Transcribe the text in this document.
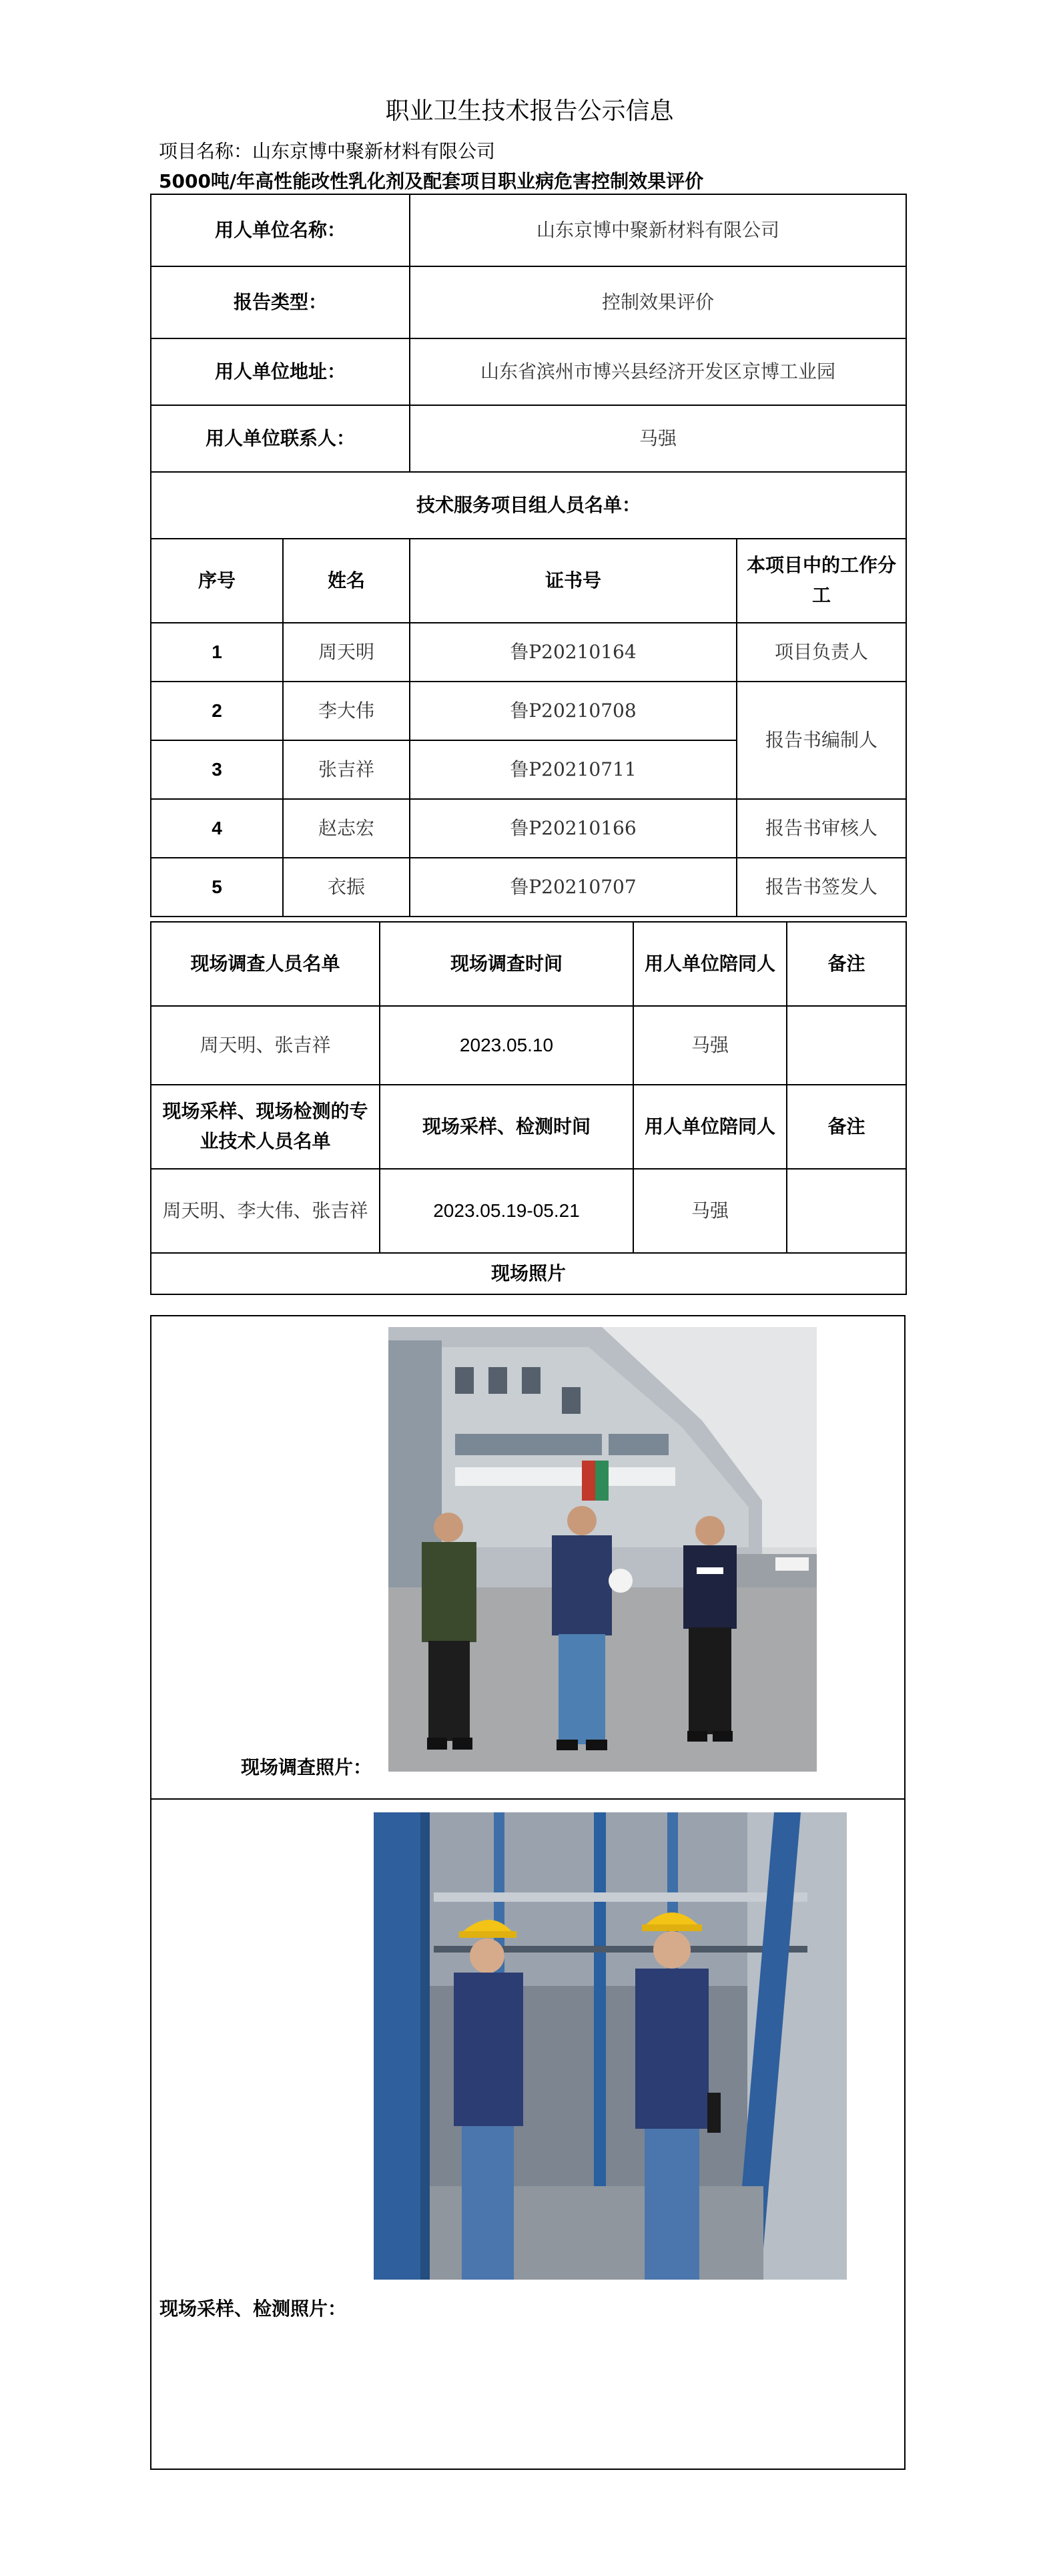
职业卫生技术报告公示信息
项目名称：山东京博中聚新材料有限公司
5000吨/年高性能改性乳化剂及配套项目职业病危害控制效果评价
用人单位名称：		山东京博中聚新材料有限公司	
报告类型：		控制效果评价	
用人单位地址：		山东省滨州市博兴县经济开发区京博工业园	
用人单位联系人：		马强	
技术服务项目组人员名单：			
序号	姓名	证书号	本项目中的工作分工
1	周天明	鲁P20210164	项目负责人
2	李大伟	鲁P20210708	报告书编制人
3	张吉祥	鲁P20210711	
4	赵志宏	鲁P20210166	报告书审核人
5	衣振	鲁P20210707	报告书签发人
现场调查人员名单	现场调查时间	用人单位陪同人	备注
周天明、张吉祥	2023.05.10	马强	
现场采样、现场检测的专业技术人员名单	现场采样、检测时间	用人单位陪同人	备注
周天明、李大伟、张吉祥	2023.05.19-05.21	马强	
现场照片			
现场调查照片：
现场采样、检测照片：
